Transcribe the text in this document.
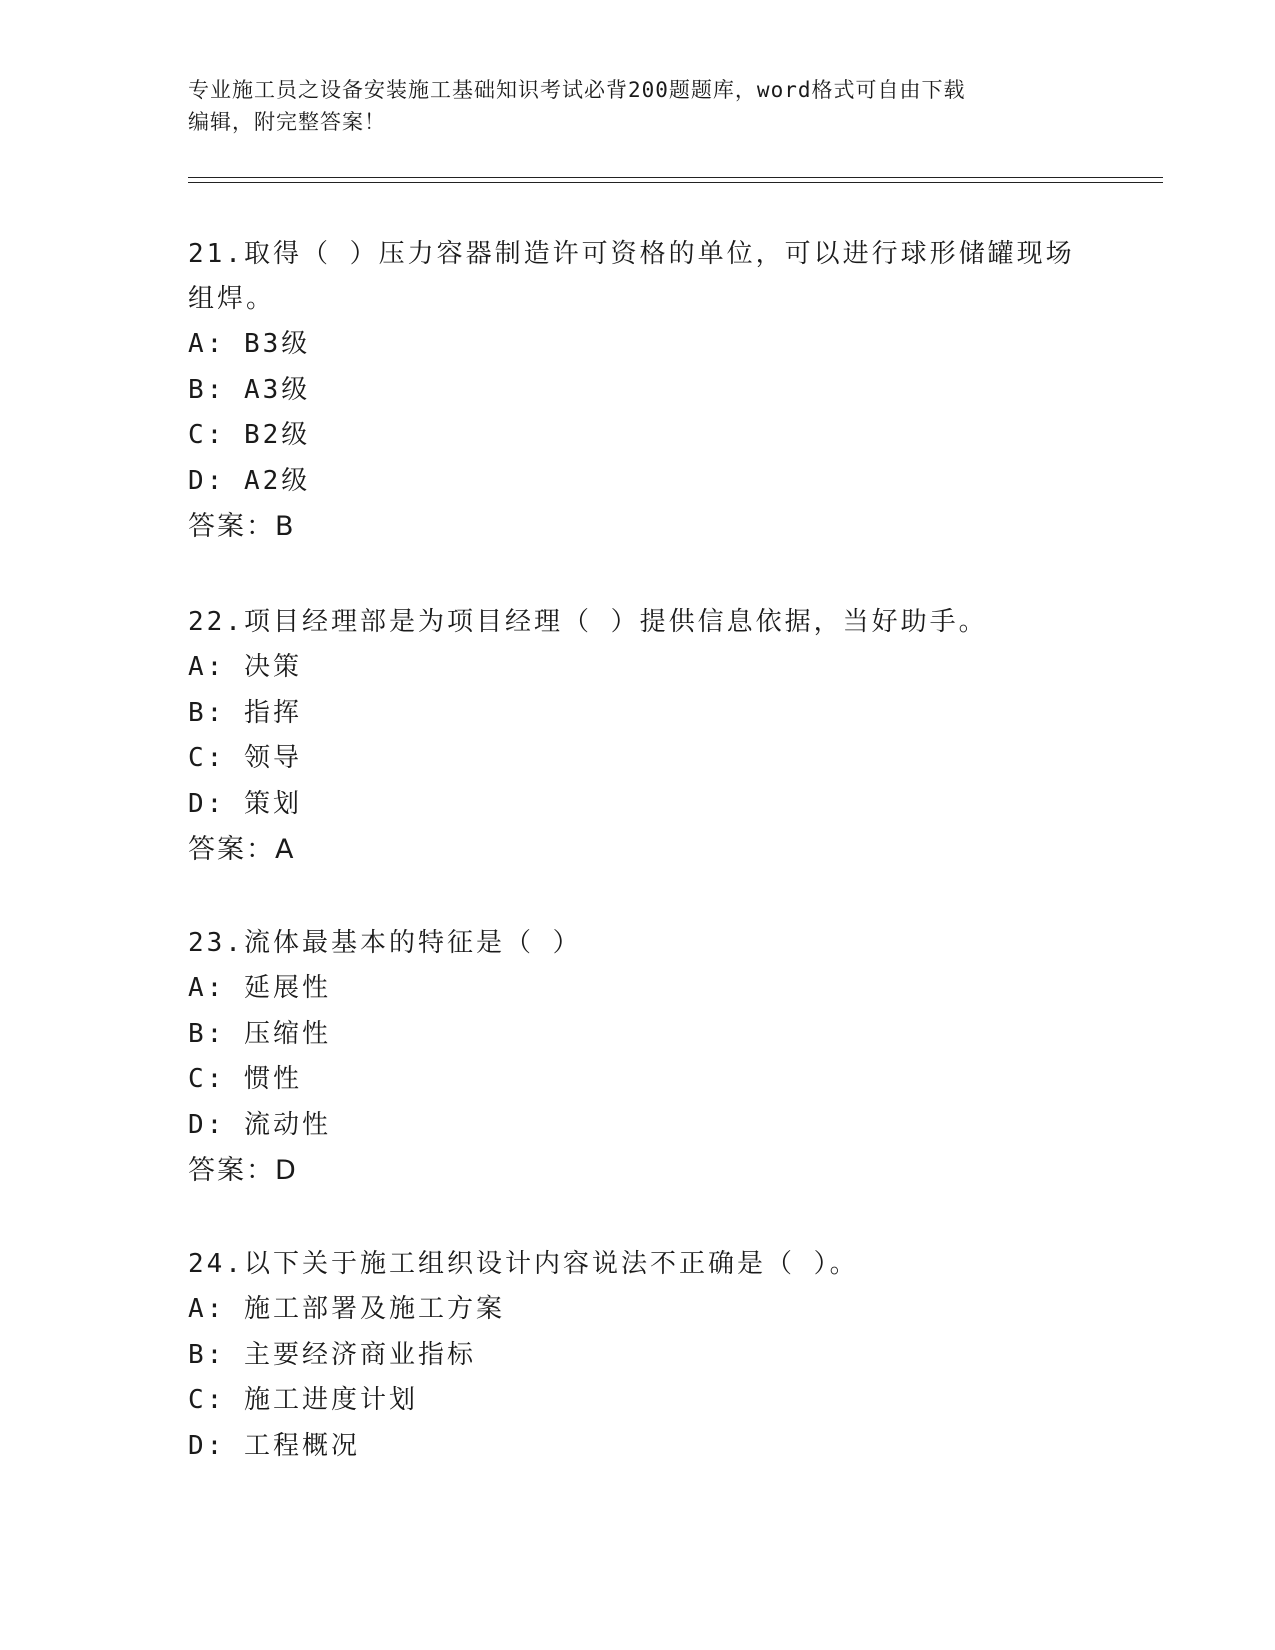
专业施工员之设备安装施工基础知识考试必背200题题库，word格式可自由下载
编辑，附完整答案！
21.取得（ ）压力容器制造许可资格的单位，可以进行球形储罐现场
组焊。
A: B3级
B: A3级
C: B2级
D: A2级
答案：B
22.项目经理部是为项目经理（ ）提供信息依据，当好助手。
A: 决策
B: 指挥
C: 领导
D: 策划
答案：A
23.流体最基本的特征是（ ）
A: 延展性
B: 压缩性
C: 惯性
D: 流动性
答案：D
24.以下关于施工组织设计内容说法不正确是（ ）。
A: 施工部署及施工方案
B: 主要经济商业指标
C: 施工进度计划
D: 工程概况
